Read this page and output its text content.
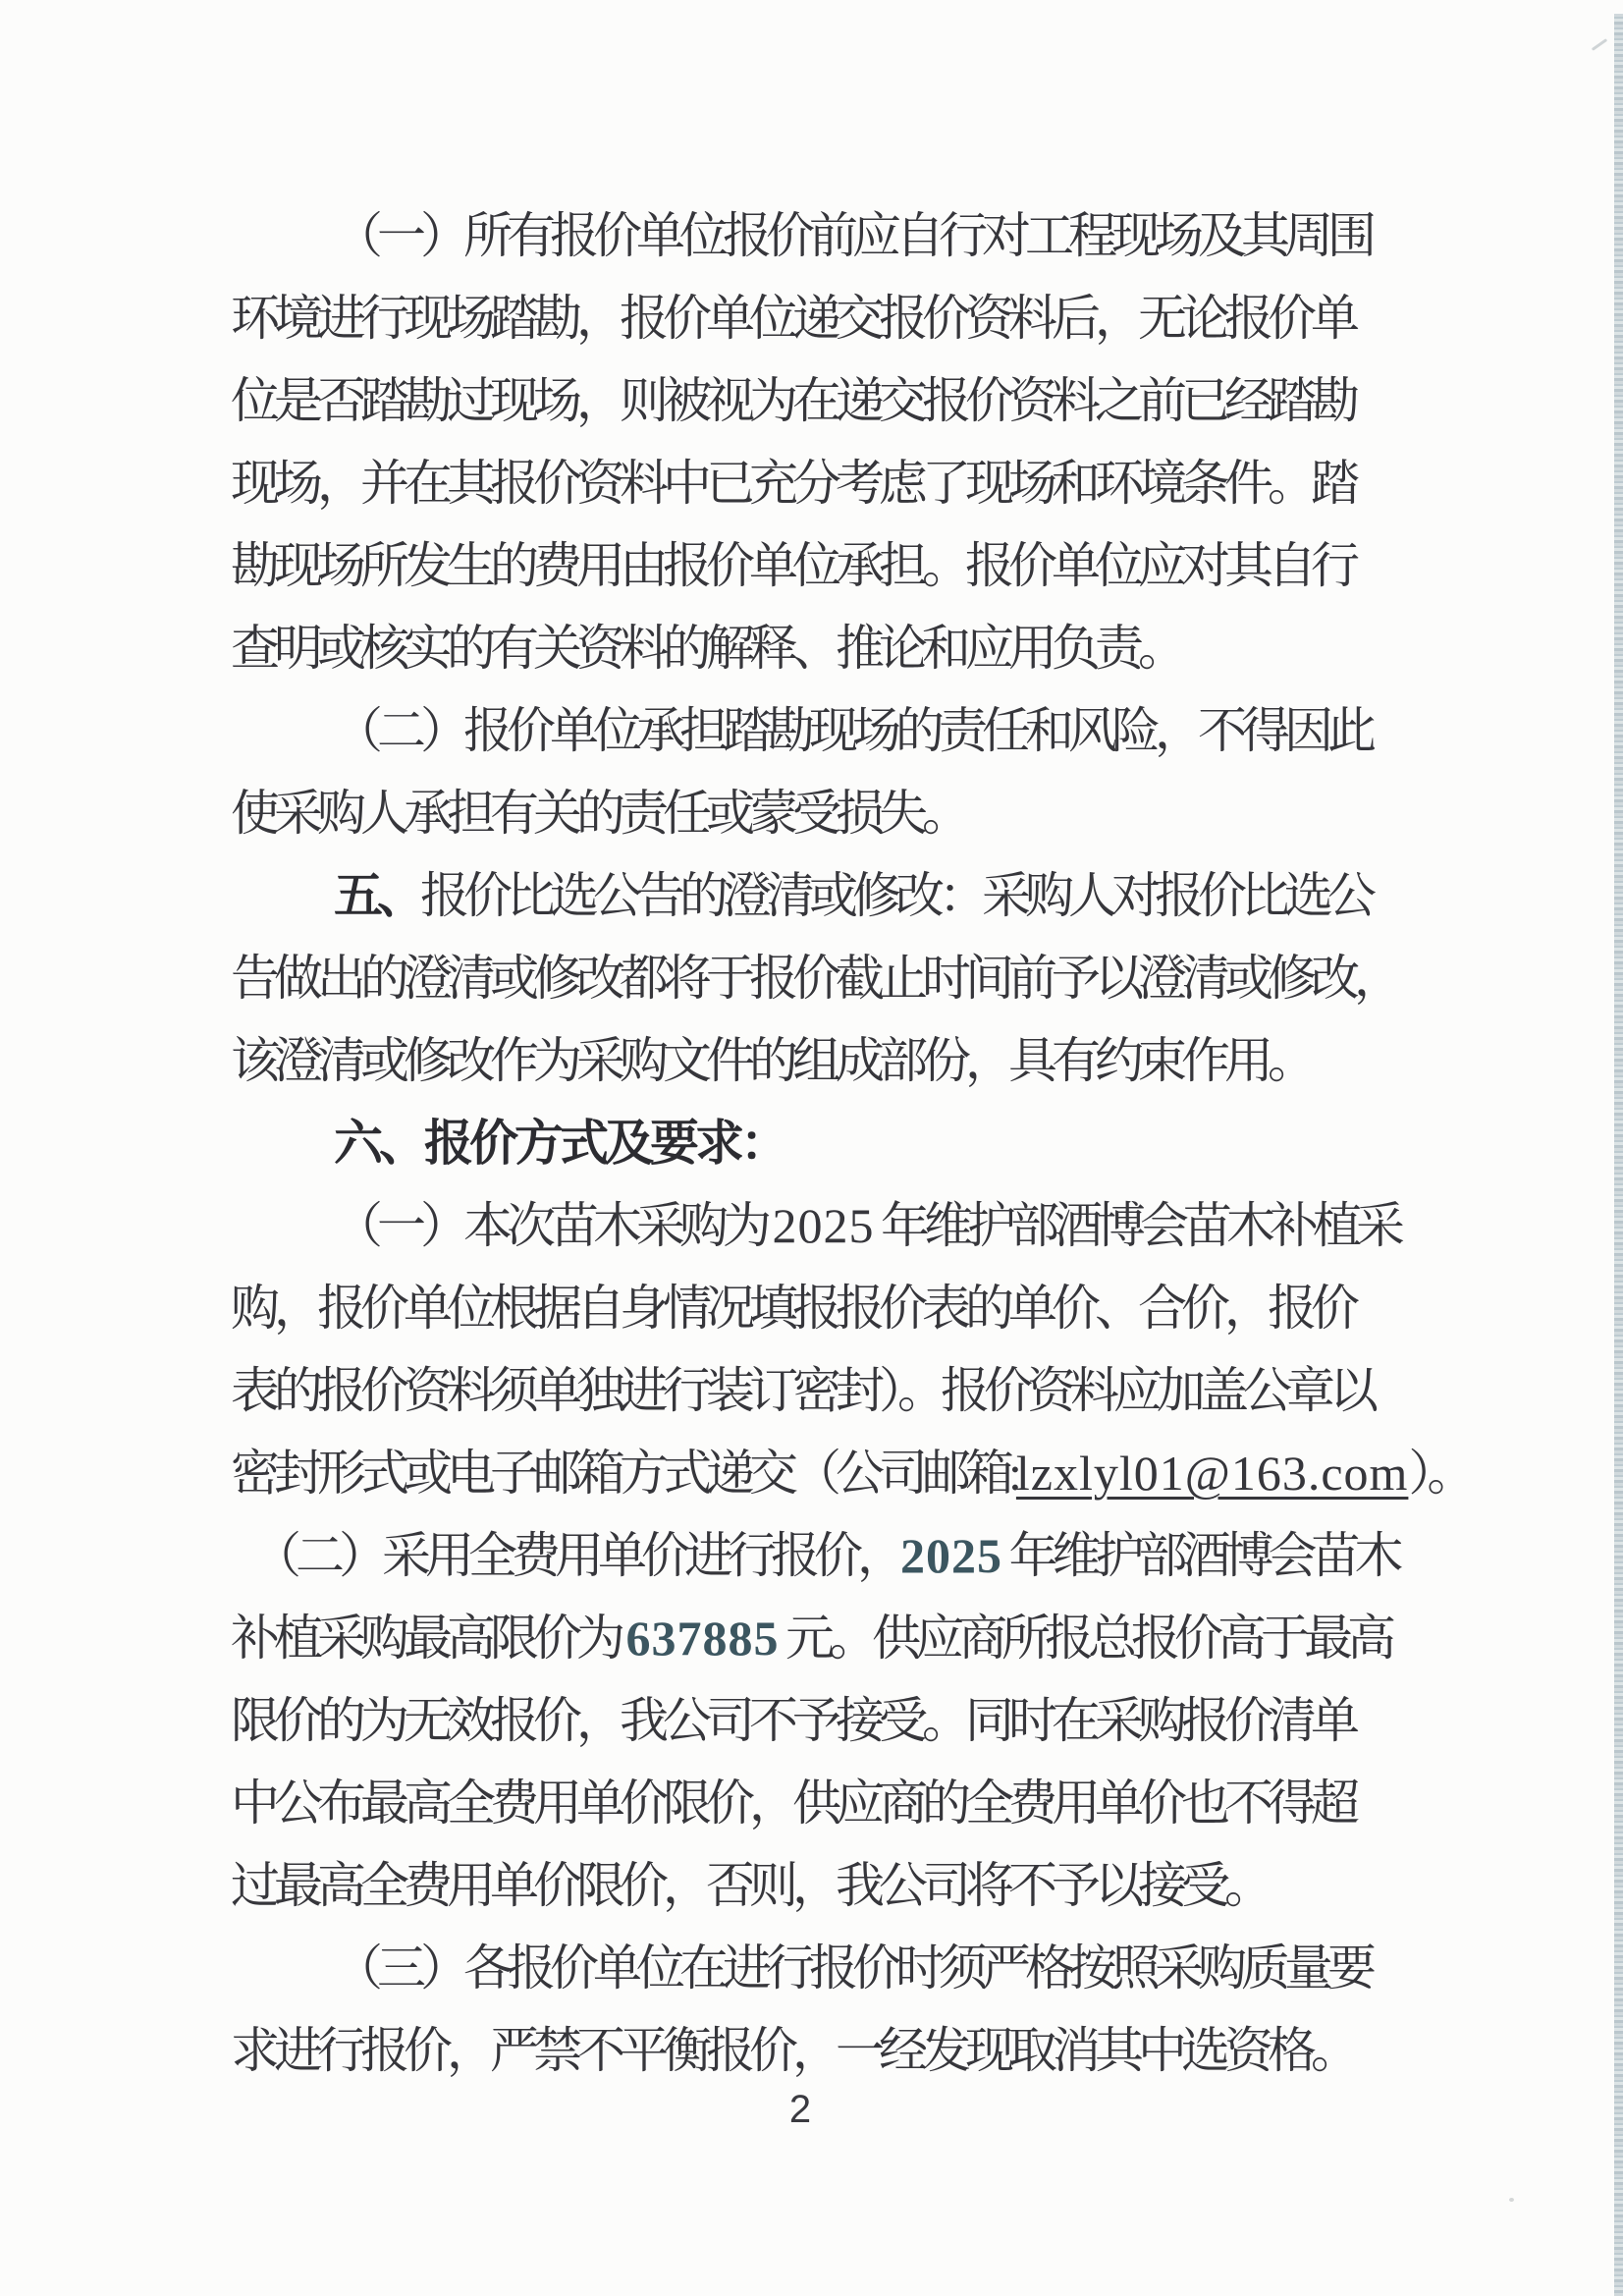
（一）所有报价单位报价前应自行对工程现场及其周围
环境进行现场踏勘，报价单位递交报价资料后，无论报价单
位是否踏勘过现场，则被视为在递交报价资料之前已经踏勘
现场，并在其报价资料中已充分考虑了现场和环境条件。踏
勘现场所发生的费用由报价单位承担。报价单位应对其自行
查明或核实的有关资料的解释、推论和应用负责。
（二）报价单位承担踏勘现场的责任和风险，不得因此
使采购人承担有关的责任或蒙受损失。
五、报价比选公告的澄清或修改：采购人对报价比选公
告做出的澄清或修改都将于报价截止时间前予以澄清或修改，
该澄清或修改作为采购文件的组成部份，具有约束作用。
六、报价方式及要求：
（一）本次苗木采购为 2025 年维护部酒博会苗木补植采
购，报价单位根据自身情况填报报价表的单价、合价，报价
表的报价资料须单独进行装订密封）。报价资料应加盖公章以
密封形式或电子邮箱方式递交（公司邮箱:lzxlyl01@163.com）。
（二）采用全费用单价进行报价，2025 年维护部酒博会苗木
补植采购最高限价为 637885 元。供应商所报总报价高于最高
限价的为无效报价，我公司不予接受。同时在采购报价清单
中公布最高全费用单价限价，供应商的全费用单价也不得超
过最高全费用单价限价，否则，我公司将不予以接受。
（三）各报价单位在进行报价时须严格按照采购质量要
求进行报价，严禁不平衡报价，一经发现取消其中选资格。
2
